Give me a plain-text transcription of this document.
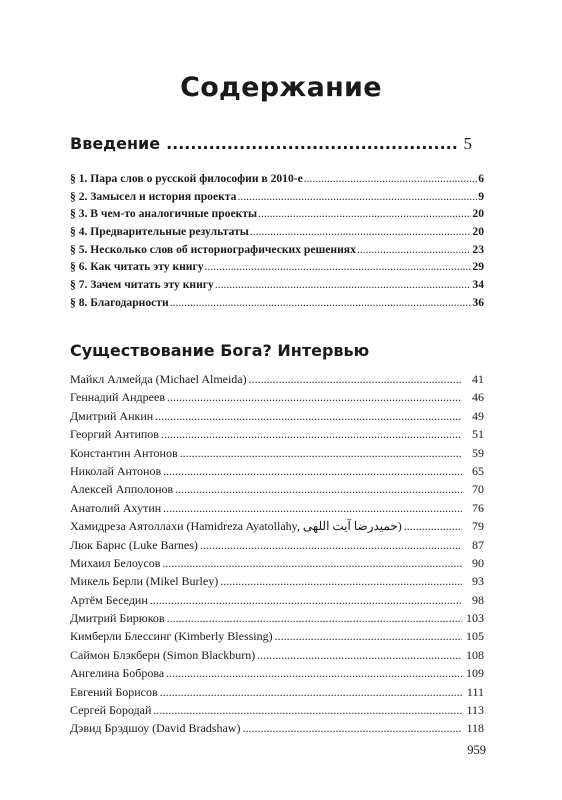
Содержание
Введение .....	5
§ 1. Пара слов о русской философии в 2010-е .....	6
§ 2. Замысел и история проекта .....	9
§ 3. В чем-то аналогичные проекты .....	20
§ 4. Предварительные результаты .....	20
§ 5. Несколько слов об историографических решениях .....	23
§ 6. Как читать эту книгу .....	29
§ 7. Зачем читать эту книгу .....	34
§ 8. Благодарности .....	36
Существование Бога? Интервью
Майкл Алмейда (Michael Almeida) .....	41
Геннадий Андреев .....	46
Дмитрий Анкин .....	49
Георгий Антипов .....	51
Константин Антонов .....	59
Николай Антонов .....	65
Алексей Апполонов .....	70
Анатолий Ахутин .....	76
Хамидреза Аятоллахи (Hamidreza Ayatollahy, حمیدرضا آیت اللهی) .....	79
Люк Барнс (Luke Barnes) .....	87
Михаил Белоусов .....	90
Микель Берли (Mikel Burley) .....	93
Артём Беседин .....	98
Дмитрий Бирюков .....	103
Кимберли Блессинг (Kimberly Blessing) .....	105
Саймон Блэкберн (Simon Blackburn) .....	108
Ангелина Боброва .....	109
Евгений Борисов .....	111
Сергей Бородай .....	113
Дэвид Брэдшоу (David Bradshaw) .....	118
959
